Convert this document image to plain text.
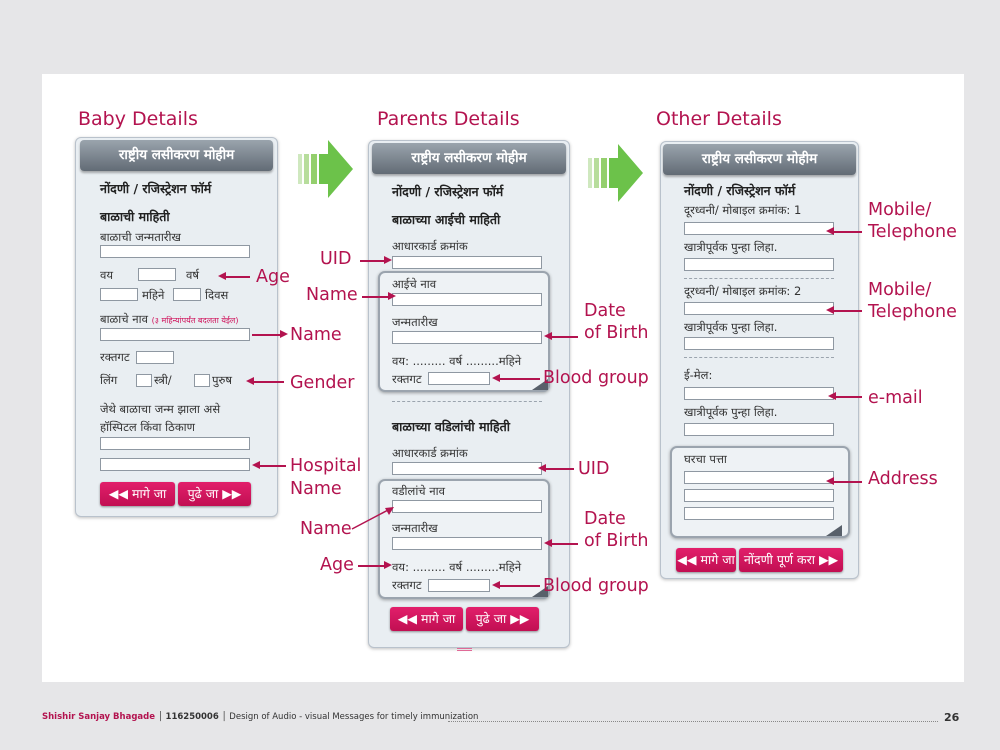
Baby Details	Parents Details	Other Details
राष्ट्रीय लसीकरण मोहीम
नोंदणी / रजिस्ट्रेशन फॉर्म
बाळाची माहिती
बाळाची जन्मतारीख
वय	वर्ष
महिने	दिवस
बाळाचे नाव (३ महिन्यांपर्यंत बदलता येईल)
रक्तगट
लिंग	स्त्री/	पुरुष
जेथे बाळाचा जन्म झाला असे
हॉस्पिटल किंवा ठिकाण
◀◀ मागे जा	पुढे जा ▶▶
राष्ट्रीय लसीकरण मोहीम
नोंदणी / रजिस्ट्रेशन फॉर्म
बाळाच्या आईची माहिती
आधारकार्ड क्रमांक
आईचे नाव
जन्मतारीख
वय: ......... वर्ष .........महिने
रक्तगट
बाळाच्या वडिलांची माहिती
आधारकार्ड क्रमांक
वडीलांचे नाव
जन्मतारीख
वय: ......... वर्ष .........महिने
रक्तगट
◀◀ मागे जा	पुढे जा ▶▶
राष्ट्रीय लसीकरण मोहीम
नोंदणी / रजिस्ट्रेशन फॉर्म
दूरध्वनी/ मोबाइल क्रमांक: 1
खात्रीपूर्वक पुन्हा लिहा.
दूरध्वनी/ मोबाइल क्रमांक: 2
खात्रीपूर्वक पुन्हा लिहा.
ई-मेल:
खात्रीपूर्वक पुन्हा लिहा.
घरचा पत्ता
◀◀ मागे जा नोंदणी पूर्ण करा ▶▶
Age
Name
Gender
Hospital
Name
UID
Name
Name
Age
Date
of Birth
Blood group
UID
Date
of Birth
Blood group
Mobile/
Telephone
Mobile/
Telephone
e-mail
Address
Shishir Sanjay Bhagade │ 116250006 │ Design of Audio - visual Messages for timely immunization	26
